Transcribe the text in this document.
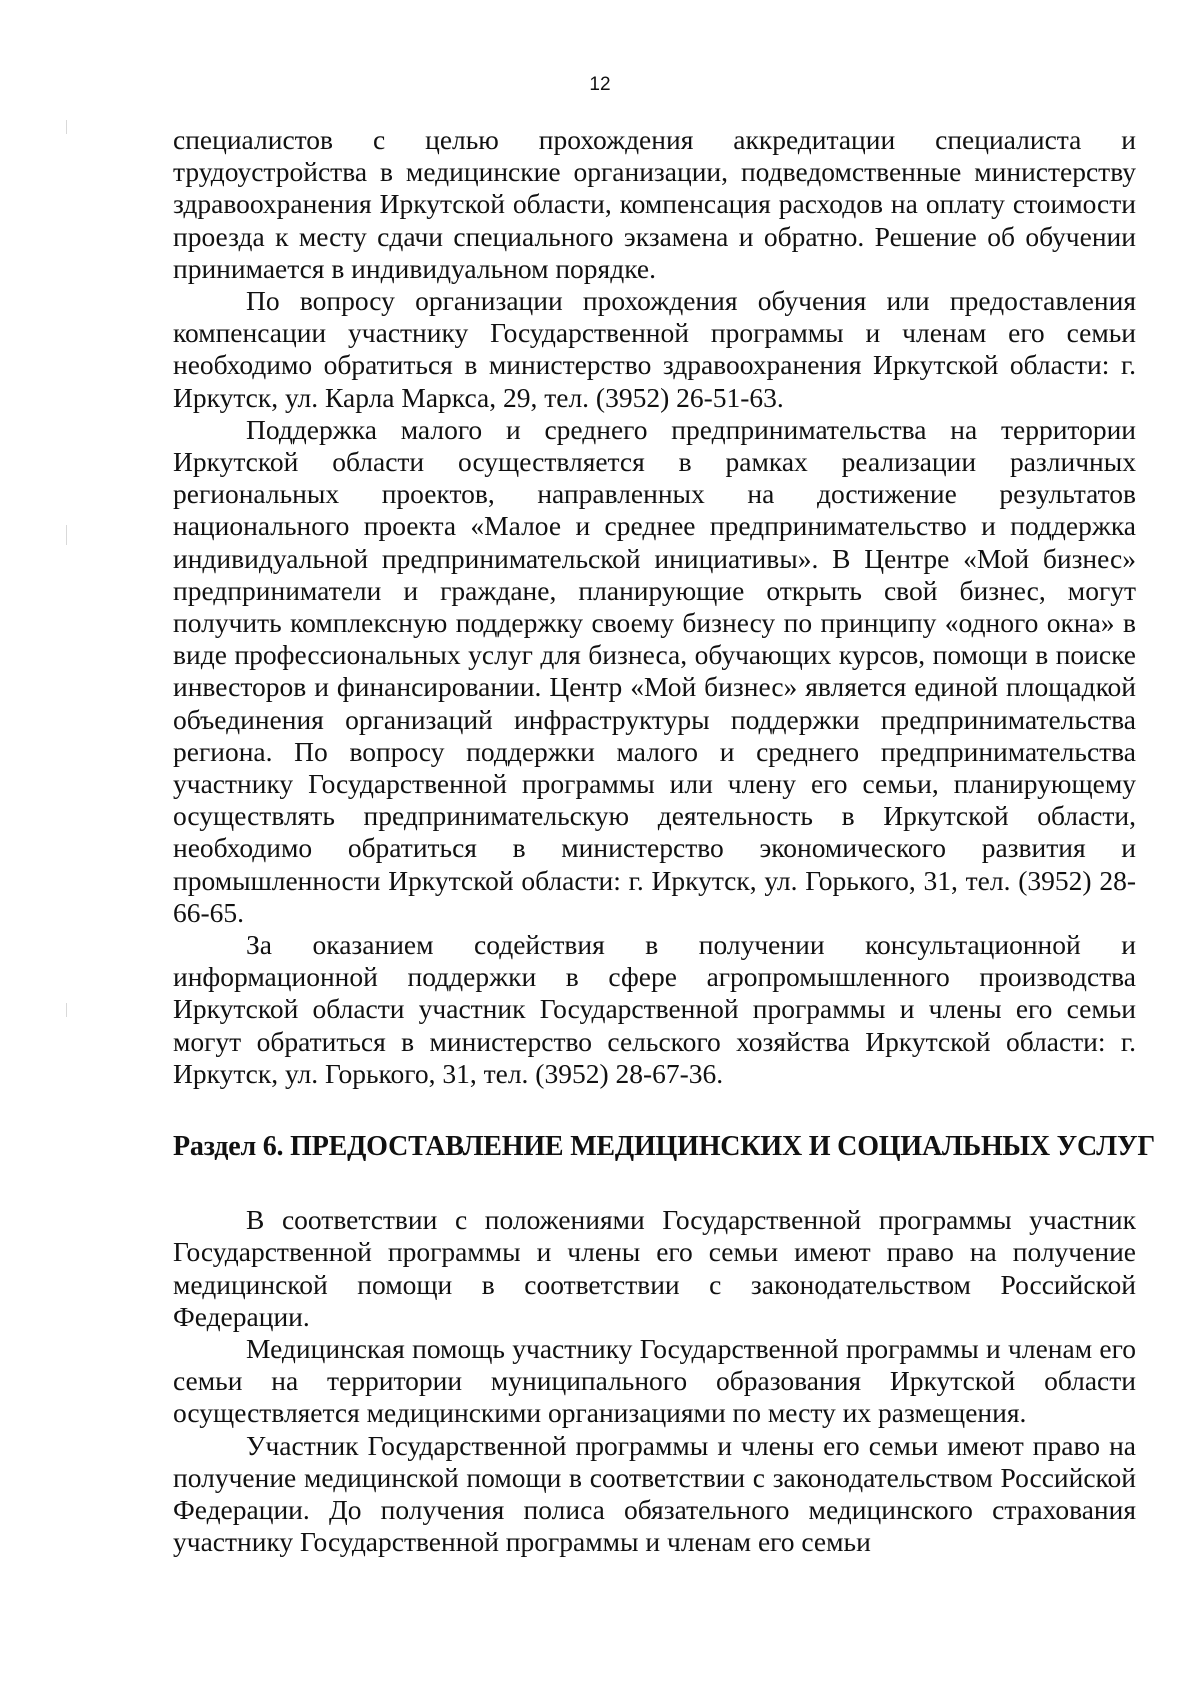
12

специалистов с целью прохождения аккредитации специалиста и трудоустройства в медицинские организации, подведомственные министерству здравоохранения Иркутской области, компенсация расходов на оплату стоимости проезда к месту сдачи специального экзамена и обратно. Решение об обучении принимается в индивидуальном порядке.

По вопросу организации прохождения обучения или предоставления компенсации участнику Государственной программы и членам его семьи необходимо обратиться в министерство здравоохранения Иркутской области: г. Иркутск, ул. Карла Маркса, 29, тел. (3952) 26-51-63.

Поддержка малого и среднего предпринимательства на территории Иркутской области осуществляется в рамках реализации различных региональных проектов, направленных на достижение результатов национального проекта «Малое и среднее предпринимательство и поддержка индивидуальной предпринимательской инициативы». В Центре «Мой бизнес» предприниматели и граждане, планирующие открыть свой бизнес, могут получить комплексную поддержку своему бизнесу по принципу «одного окна» в виде профессиональных услуг для бизнеса, обучающих курсов, помощи в поиске инвесторов и финансировании. Центр «Мой бизнес» является единой площадкой объединения организаций инфраструктуры поддержки предпринимательства региона. По вопросу поддержки малого и среднего предпринимательства участнику Государственной программы или члену его семьи, планирующему осуществлять предпринимательскую деятельность в Иркутской области, необходимо обратиться в министерство экономического развития и промышленности Иркутской области: г. Иркутск, ул. Горького, 31, тел. (3952) 28-66-65.

За оказанием содействия в получении консультационной и информационной поддержки в сфере агропромышленного производства Иркутской области участник Государственной программы и члены его семьи могут обратиться в министерство сельского хозяйства Иркутской области: г. Иркутск, ул. Горького, 31, тел. (3952) 28-67-36.

Раздел 6. ПРЕДОСТАВЛЕНИЕ МЕДИЦИНСКИХ И СОЦИАЛЬНЫХ УСЛУГ

В соответствии с положениями Государственной программы участник Государственной программы и члены его семьи имеют право на получение медицинской помощи в соответствии с законодательством Российской Федерации.

Медицинская помощь участнику Государственной программы и членам его семьи на территории муниципального образования Иркутской области осуществляется медицинскими организациями по месту их размещения.

Участник Государственной программы и члены его семьи имеют право на получение медицинской помощи в соответствии с законодательством Российской Федерации. До получения полиса обязательного медицинского страхования участнику Государственной программы и членам его семьи
